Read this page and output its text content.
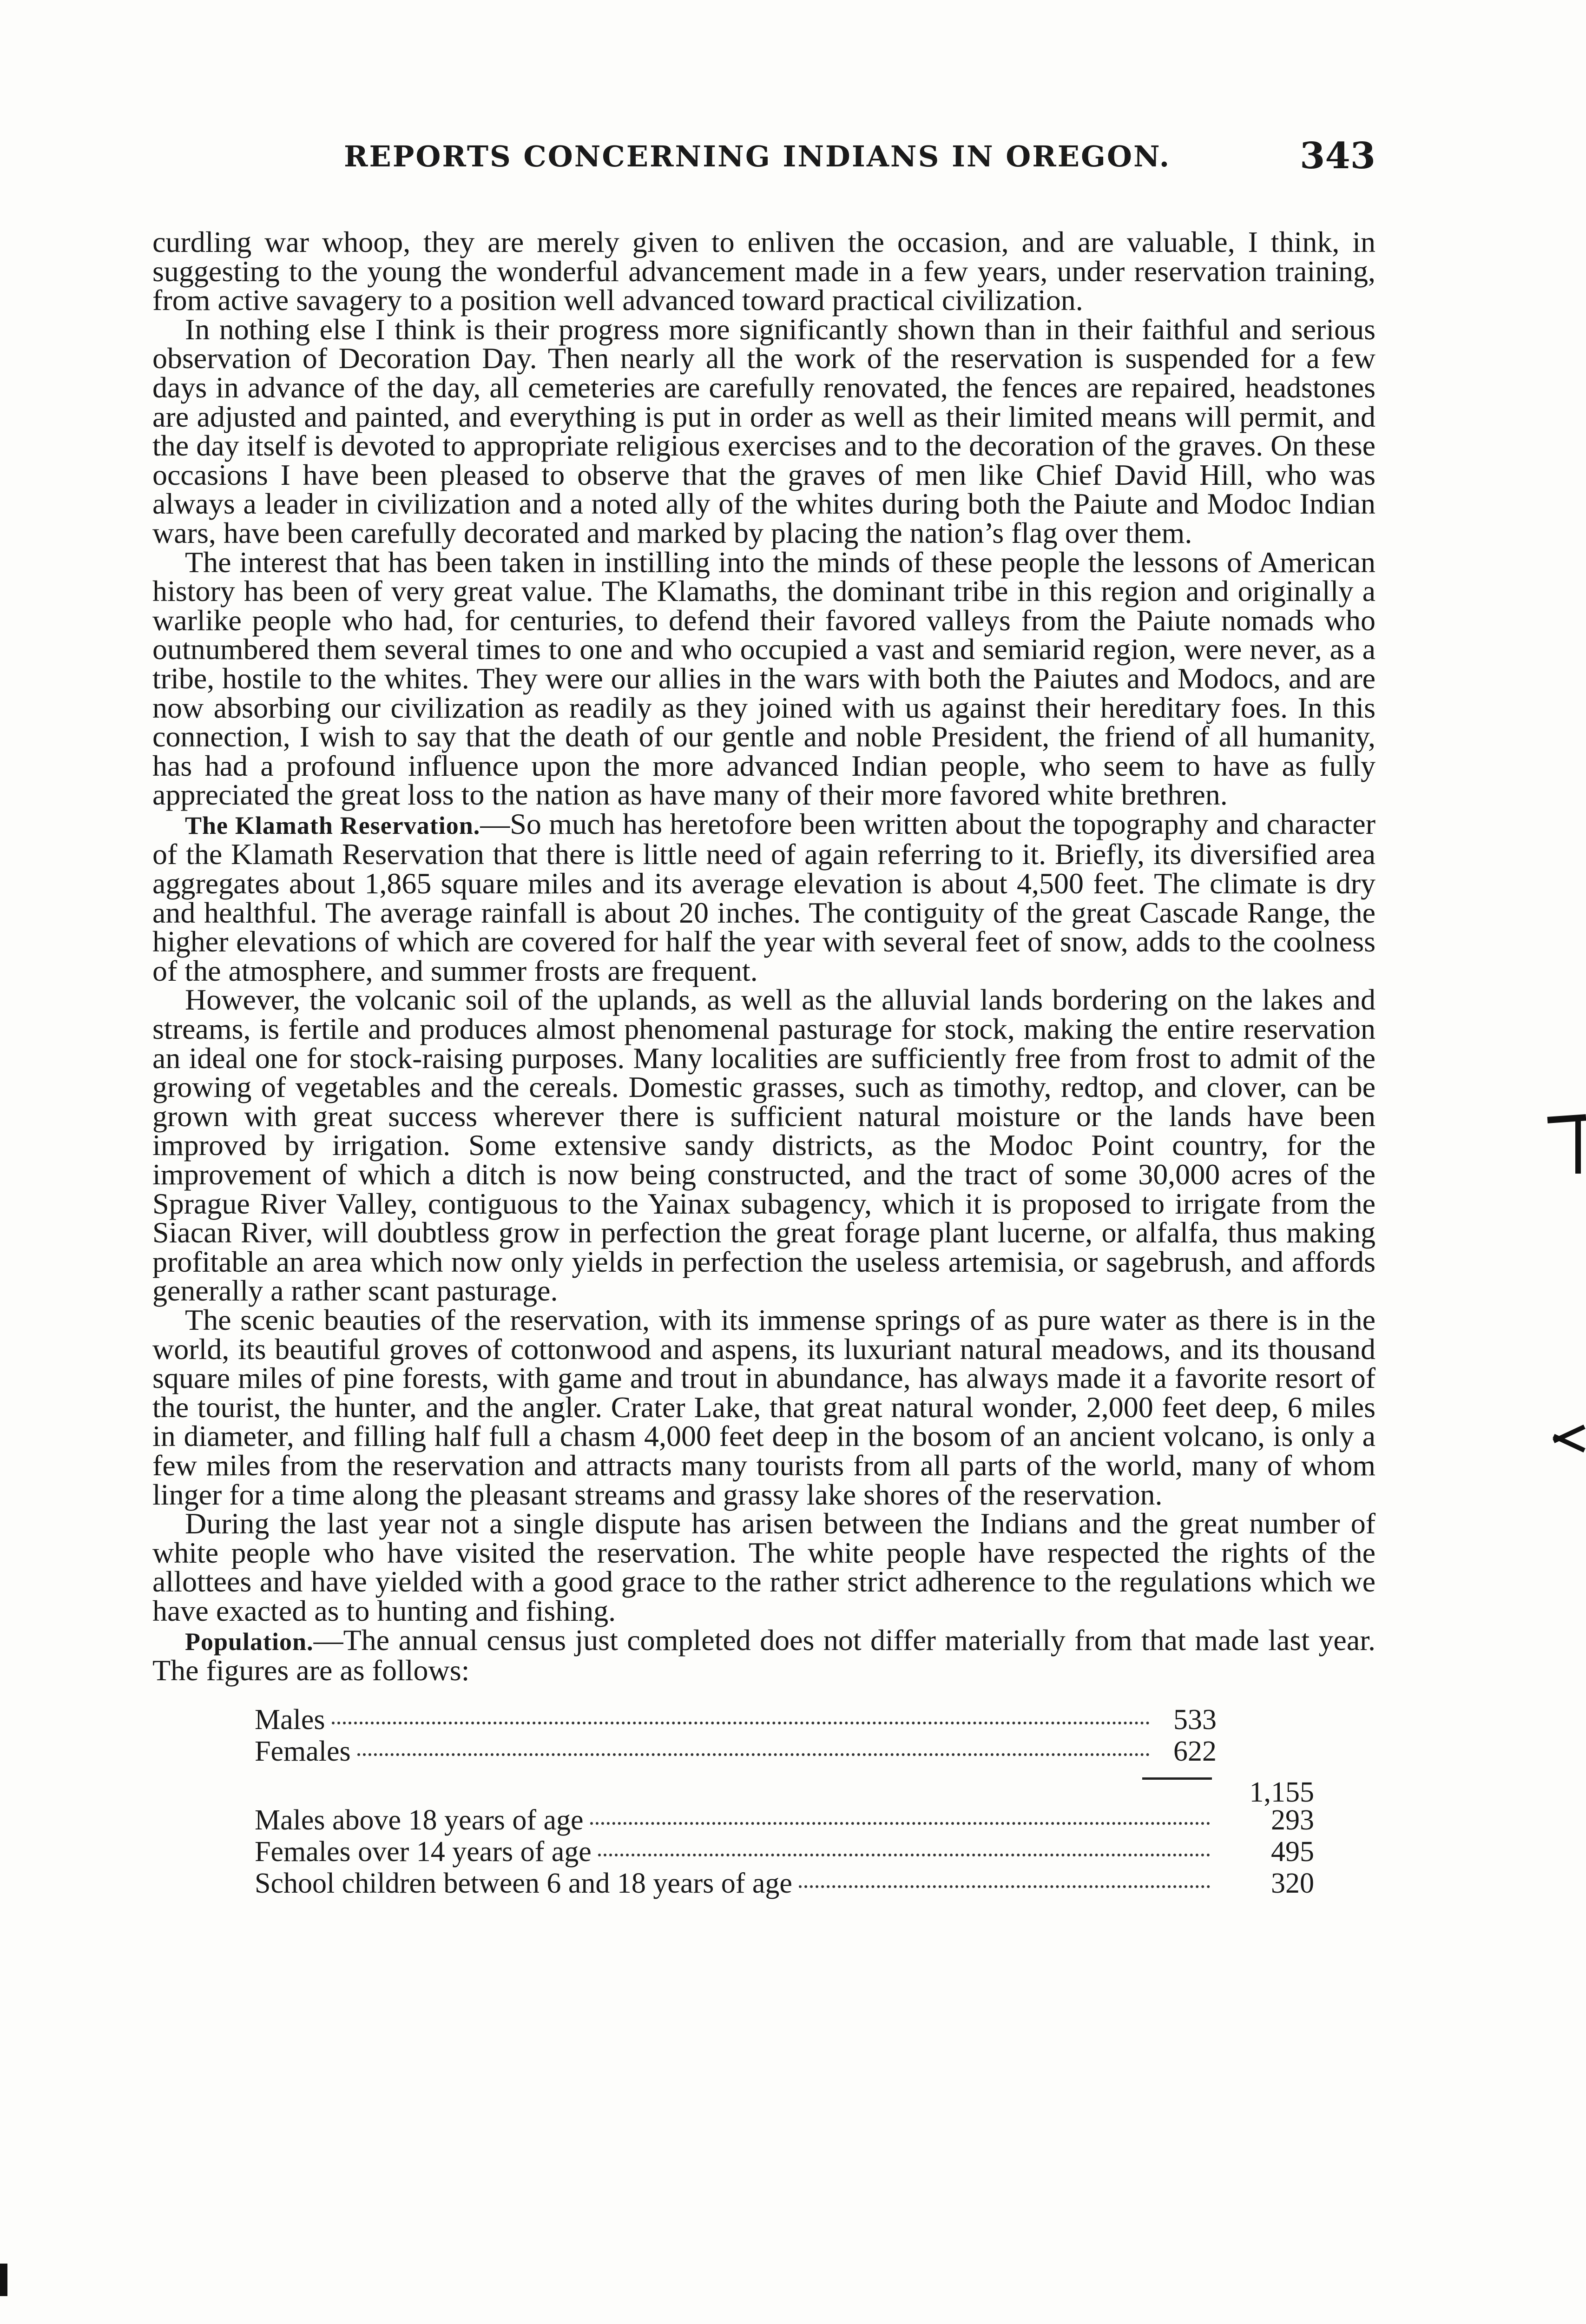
REPORTS CONCERNING INDIANS IN OREGON.	343

curdling war whoop, they are merely given to enliven the occasion, and are valuable, I think, in suggesting to the young the wonderful advancement made in a few years, under reservation training, from active savagery to a position well advanced toward practical civilization.

In nothing else I think is their progress more significantly shown than in their faithful and serious observation of Decoration Day. Then nearly all the work of the reservation is suspended for a few days in advance of the day, all cemeteries are carefully renovated, the fences are repaired, headstones are adjusted and painted, and everything is put in order as well as their limited means will permit, and the day itself is devoted to appropriate religious exercises and to the decoration of the graves. On these occasions I have been pleased to observe that the graves of men like Chief David Hill, who was always a leader in civilization and a noted ally of the whites during both the Paiute and Modoc Indian wars, have been carefully decorated and marked by placing the nation’s flag over them.

The interest that has been taken in instilling into the minds of these people the lessons of American history has been of very great value. The Klamaths, the dominant tribe in this region and originally a warlike people who had, for centuries, to defend their favored valleys from the Paiute nomads who outnumbered them several times to one and who occupied a vast and semiarid region, were never, as a tribe, hostile to the whites. They were our allies in the wars with both the Paiutes and Modocs, and are now absorbing our civilization as readily as they joined with us against their hereditary foes. In this connection, I wish to say that the death of our gentle and noble President, the friend of all humanity, has had a profound influence upon the more advanced Indian people, who seem to have as fully appreciated the great loss to the nation as have many of their more favored white brethren.

The Klamath Reservation.—So much has heretofore been written about the topography and character of the Klamath Reservation that there is little need of again referring to it. Briefly, its diversified area aggregates about 1,865 square miles and its average elevation is about 4,500 feet. The climate is dry and healthful. The average rainfall is about 20 inches. The contiguity of the great Cascade Range, the higher elevations of which are covered for half the year with several feet of snow, adds to the coolness of the atmosphere, and summer frosts are frequent.

However, the volcanic soil of the uplands, as well as the alluvial lands bordering on the lakes and streams, is fertile and produces almost phenomenal pasturage for stock, making the entire reservation an ideal one for stock-raising purposes. Many localities are sufficiently free from frost to admit of the growing of vegetables and the cereals. Domestic grasses, such as timothy, redtop, and clover, can be grown with great success wherever there is sufficient natural moisture or the lands have been improved by irrigation. Some extensive sandy districts, as the Modoc Point country, for the improvement of which a ditch is now being constructed, and the tract of some 30,000 acres of the Sprague River Valley, contiguous to the Yainax subagency, which it is proposed to irrigate from the Siacan River, will doubtless grow in perfection the great forage plant lucerne, or alfalfa, thus making profitable an area which now only yields in perfection the useless artemisia, or sagebrush, and affords generally a rather scant pasturage.

The scenic beauties of the reservation, with its immense springs of as pure water as there is in the world, its beautiful groves of cottonwood and aspens, its luxuriant natural meadows, and its thousand square miles of pine forests, with game and trout in abundance, has always made it a favorite resort of the tourist, the hunter, and the angler. Crater Lake, that great natural wonder, 2,000 feet deep, 6 miles in diameter, and filling half full a chasm 4,000 feet deep in the bosom of an ancient volcano, is only a few miles from the reservation and attracts many tourists from all parts of the world, many of whom linger for a time along the pleasant streams and grassy lake shores of the reservation.

During the last year not a single dispute has arisen between the Indians and the great number of white people who have visited the reservation. The white people have respected the rights of the allottees and have yielded with a good grace to the rather strict adherence to the regulations which we have exacted as to hunting and fishing.

Population.—The annual census just completed does not differ materially from that made last year. The figures are as follows:

Males	533
Females	622
1,155
Males above 18 years of age	293
Females over 14 years of age	495
School children between 6 and 18 years of age	320
